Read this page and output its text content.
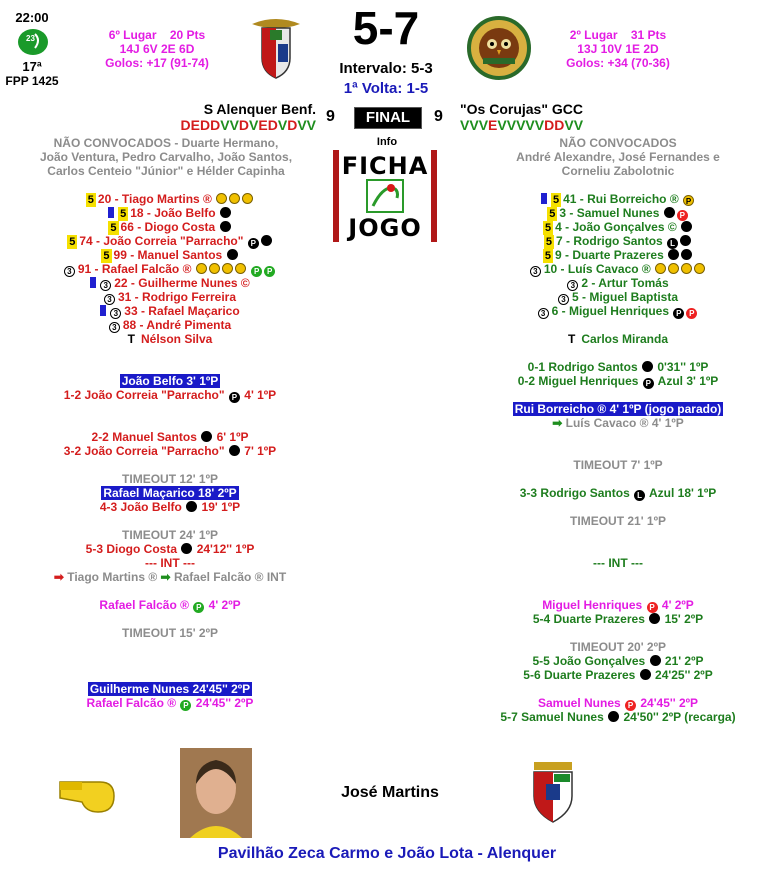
22:00
23
17ª
FPP 1425
6º Lugar 20 Pts
14J 6V 2E 6D
Golos: +17 (91-74)
5-7
Intervalo: 5-3
1ª Volta: 1-5
2º Lugar 31 Pts
13J 10V 1E 2D
Golos: +34 (70-36)
S Alenquer Benf.
DEDDVVDVEDVDVV 9	FINAL	9 "Os Corujas" GCC
VVVEVVVVVDDVV
Info
FICHA
JOGO
NÃO CONVOCADOS - Duarte Hermano,
João Ventura, Pedro Carvalho, João Santos,
Carlos Centeio "Júnior" e Hélder Capinha
NÃO CONVOCADOS
André Alexandre, José Fernandes e
Corneliu Zabolotnic
5 20 - Tiago Martins ®
5 18 - João Belfo
5 66 - Diogo Costa
5 74 - João Correia "Parracho" P
5 99 - Manuel Santos
3 91 - Rafael Falcão ®	P P
3 22 - Guilherme Nunes ©
3 31 - Rodrigo Ferreira
3 33 - Rafael Maçarico
3 88 - André Pimenta
T Nélson Silva
5 41 - Rui Borreicho ® P
5 3 - Samuel Nunes	P
5 4 - João Gonçalves ©
5 7 - Rodrigo Santos L
5 9 - Duarte Prazeres
3 10 - Luís Cavaco ®
3 2 - Artur Tomás
3 5 - Miguel Baptista
3 6 - Miguel Henriques P P
T Carlos Miranda
João Belfo 3' 1ºP
1-2 João Correia "Parracho" P 4' 1ºP
2-2 Manuel Santos 6' 1ºP
3-2 João Correia "Parracho" 7' 1ºP
TIMEOUT 12' 1ºP
Rafael Maçarico 18' 2ºP
4-3 João Belfo 19' 1ºP
TIMEOUT 24' 1ºP
5-3 Diogo Costa 24'12'' 1ºP
--- INT ---
➡ Tiago Martins ® ➡ Rafael Falcão ® INT
Rafael Falcão ® P 4' 2ºP
TIMEOUT 15' 2ºP
Guilherme Nunes 24'45'' 2ºP
Rafael Falcão ® P 24'45'' 2ºP
0-1 Rodrigo Santos 0'31'' 1ºP
0-2 Miguel Henriques P Azul 3' 1ºP
Rui Borreicho ® 4' 1ºP (jogo parado)
➡ Luís Cavaco ® 4' 1ºP
TIMEOUT 7' 1ºP
3-3 Rodrigo Santos L Azul 18' 1ºP
TIMEOUT 21' 1ºP
--- INT ---
Miguel Henriques P 4' 2ºP
5-4 Duarte Prazeres 15' 2ºP
TIMEOUT 20' 2ºP
5-5 João Gonçalves 21' 2ºP
5-6 Duarte Prazeres 24'25'' 2ºP
Samuel Nunes P 24'45'' 2ºP
5-7 Samuel Nunes 24'50'' 2ºP (recarga)
José Martins
Pavilhão Zeca Carmo e João Lota - Alenquer
